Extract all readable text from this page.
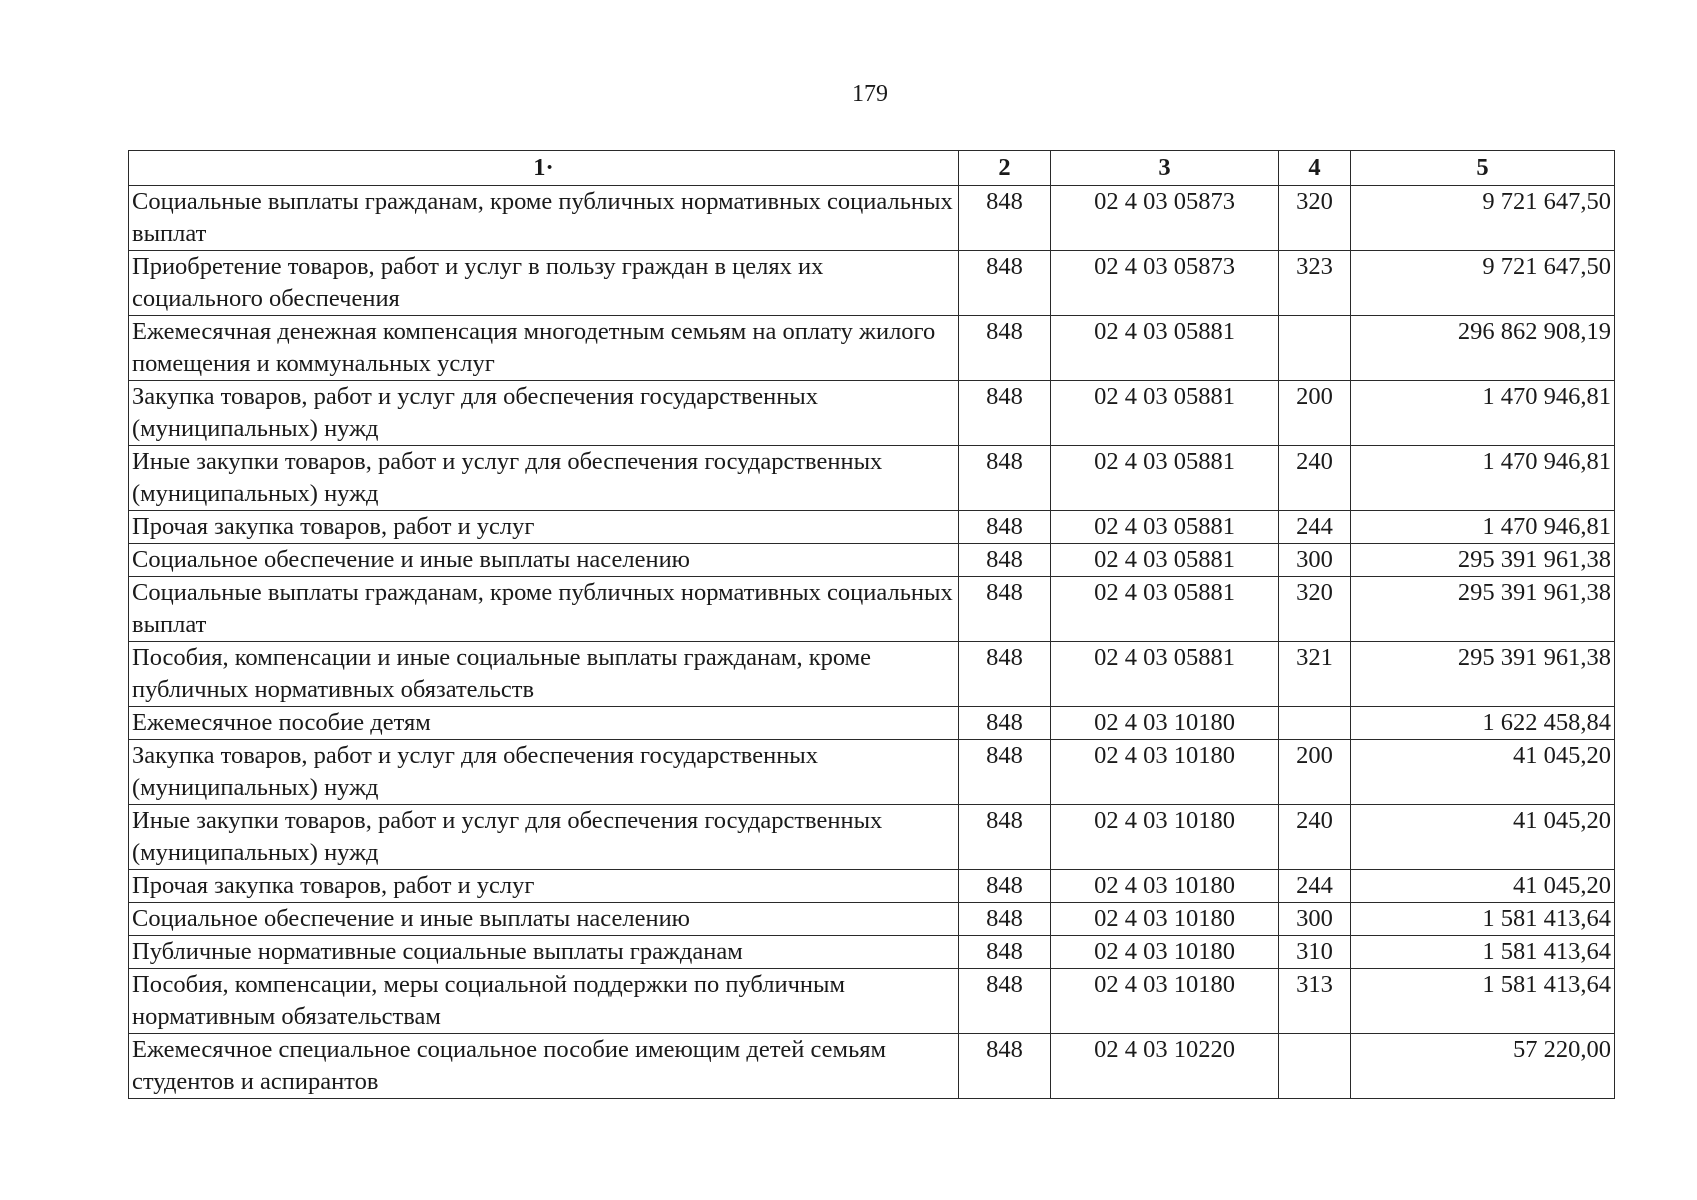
179
1·	2	3	4	5
Социальные выплаты гражданам, кроме публичных нормативных социальных выплат	848	02 4 03 05873	320	9 721 647,50
Приобретение товаров, работ и услуг в пользу граждан в целях их социального обеспечения	848	02 4 03 05873	323	9 721 647,50
Ежемесячная денежная компенсация многодетным семьям на оплату жилого помещения и коммунальных услуг	848	02 4 03 05881		296 862 908,19
Закупка товаров, работ и услуг для обеспечения государственных (муниципальных) нужд	848	02 4 03 05881	200	1 470 946,81
Иные закупки товаров, работ и услуг для обеспечения государственных (муниципальных) нужд	848	02 4 03 05881	240	1 470 946,81
Прочая закупка товаров, работ и услуг	848	02 4 03 05881	244	1 470 946,81
Социальное обеспечение и иные выплаты населению	848	02 4 03 05881	300	295 391 961,38
Социальные выплаты гражданам, кроме публичных нормативных социальных выплат	848	02 4 03 05881	320	295 391 961,38
Пособия, компенсации и иные социальные выплаты гражданам, кроме публичных нормативных обязательств	848	02 4 03 05881	321	295 391 961,38
Ежемесячное пособие детям	848	02 4 03 10180		1 622 458,84
Закупка товаров, работ и услуг для обеспечения государственных (муниципальных) нужд	848	02 4 03 10180	200	41 045,20
Иные закупки товаров, работ и услуг для обеспечения государственных (муниципальных) нужд	848	02 4 03 10180	240	41 045,20
Прочая закупка товаров, работ и услуг	848	02 4 03 10180	244	41 045,20
Социальное обеспечение и иные выплаты населению	848	02 4 03 10180	300	1 581 413,64
Публичные нормативные социальные выплаты гражданам	848	02 4 03 10180	310	1 581 413,64
Пособия, компенсации, меры социальной поддержки по публичным нормативным обязательствам	848	02 4 03 10180	313	1 581 413,64
Ежемесячное специальное социальное пособие имеющим детей семьям студентов и аспирантов	848	02 4 03 10220		57 220,00
